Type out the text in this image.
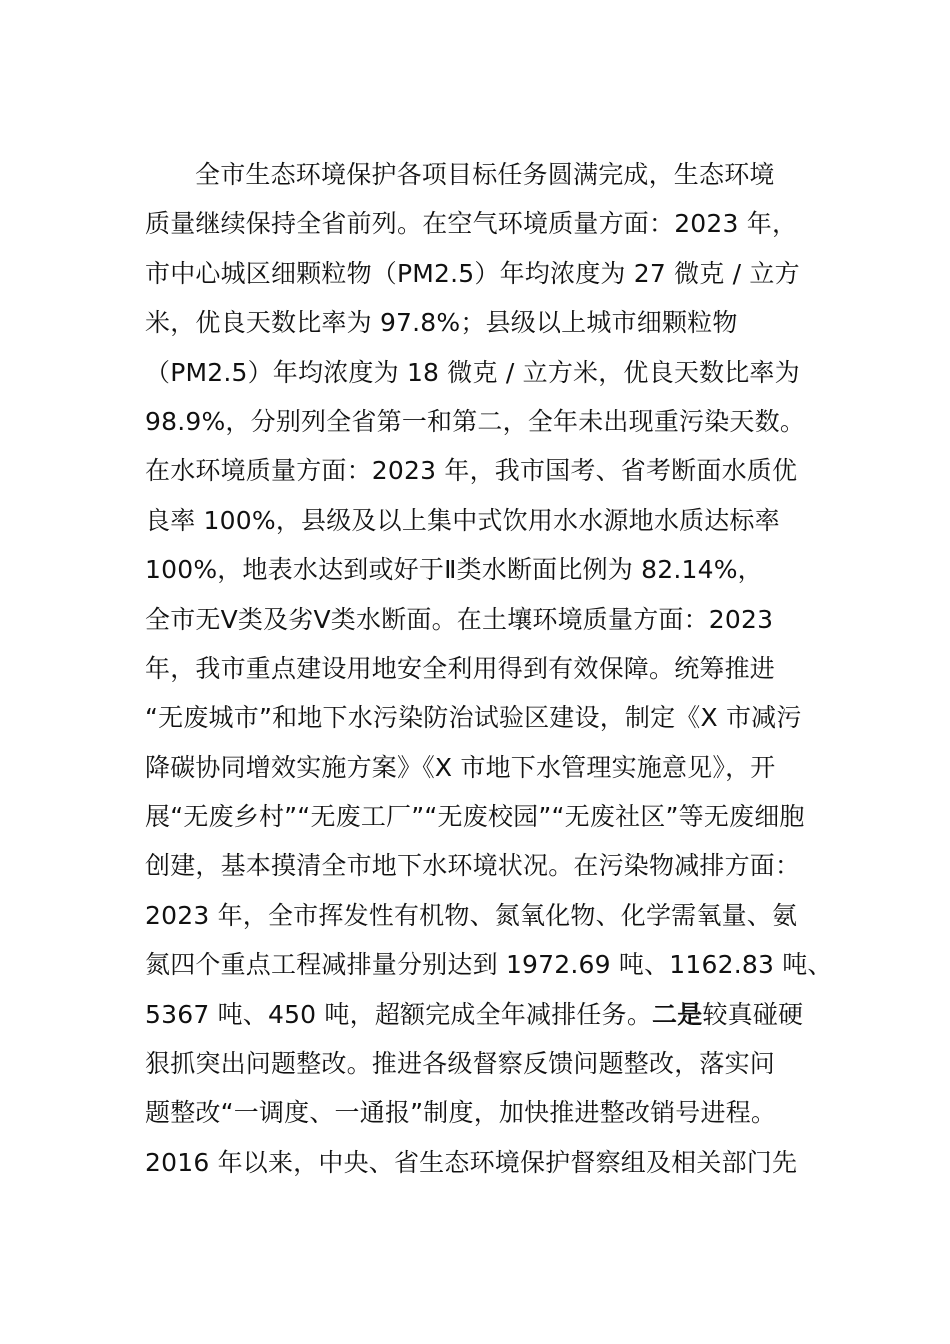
全市生态环境保护各项目标任务圆满完成，生态环境
质量继续保持全省前列。在空气环境质量方面：2023 年，
市中心城区细颗粒物（PM2.5）年均浓度为 27 微克 / 立方
米，优良天数比率为 97.8%；县级以上城市细颗粒物
（PM2.5）年均浓度为 18 微克 / 立方米，优良天数比率为
98.9%，分别列全省第一和第二，全年未出现重污染天数。
在水环境质量方面：2023 年，我市国考、省考断面水质优
良率 100%，县级及以上集中式饮用水水源地水质达标率
100%，地表水达到或好于Ⅱ类水断面比例为 82.14%，
全市无Ⅴ类及劣Ⅴ类水断面。在土壤环境质量方面：2023
年，我市重点建设用地安全利用得到有效保障。统筹推进
“无废城市”和地下水污染防治试验区建设，制定《X 市减污
降碳协同增效实施方案》《X 市地下水管理实施意见》，开
展“无废乡村”“无废工厂”“无废校园”“无废社区”等无废细胞
创建，基本摸清全市地下水环境状况。在污染物减排方面：
2023 年，全市挥发性有机物、氮氧化物、化学需氧量、氨
氮四个重点工程减排量分别达到 1972.69 吨、1162.83 吨、
5367 吨、450 吨，超额完成全年减排任务。二是较真碰硬
狠抓突出问题整改。推进各级督察反馈问题整改，落实问
题整改“一调度、一通报”制度，加快推进整改销号进程。
2016 年以来，中央、省生态环境保护督察组及相关部门先
